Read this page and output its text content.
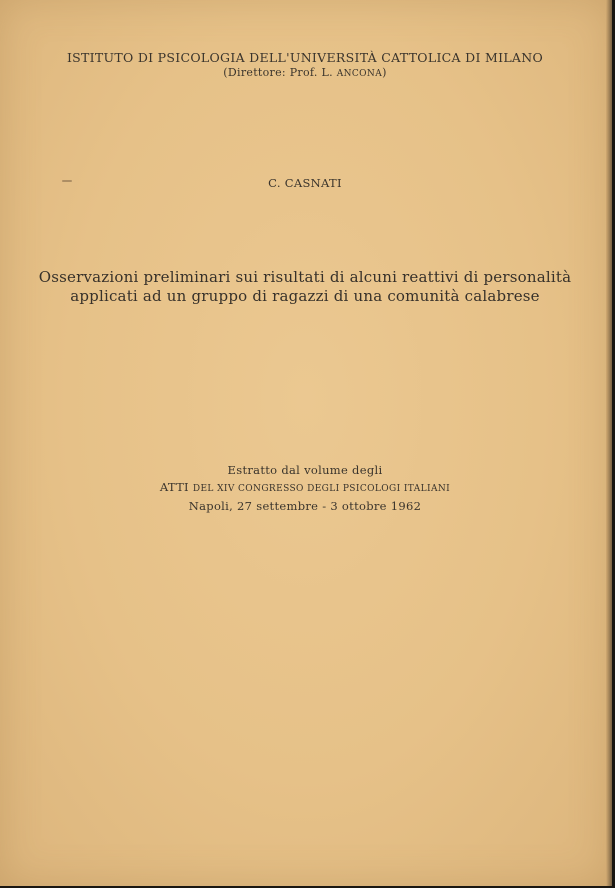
ISTITUTO DI PSICOLOGIA DELL'UNIVERSITÀ CATTOLICA DI MILANO
(Direttore: Prof. L. ANCONA)
C. CASNATI
Osservazioni preliminari sui risultati di alcuni reattivi di personalità
applicati ad un gruppo di ragazzi di una comunità calabrese
Estratto dal volume degli
ATTI DEL XIV CONGRESSO DEGLI PSICOLOGI ITALIANI
Napoli, 27 settembre - 3 ottobre 1962
